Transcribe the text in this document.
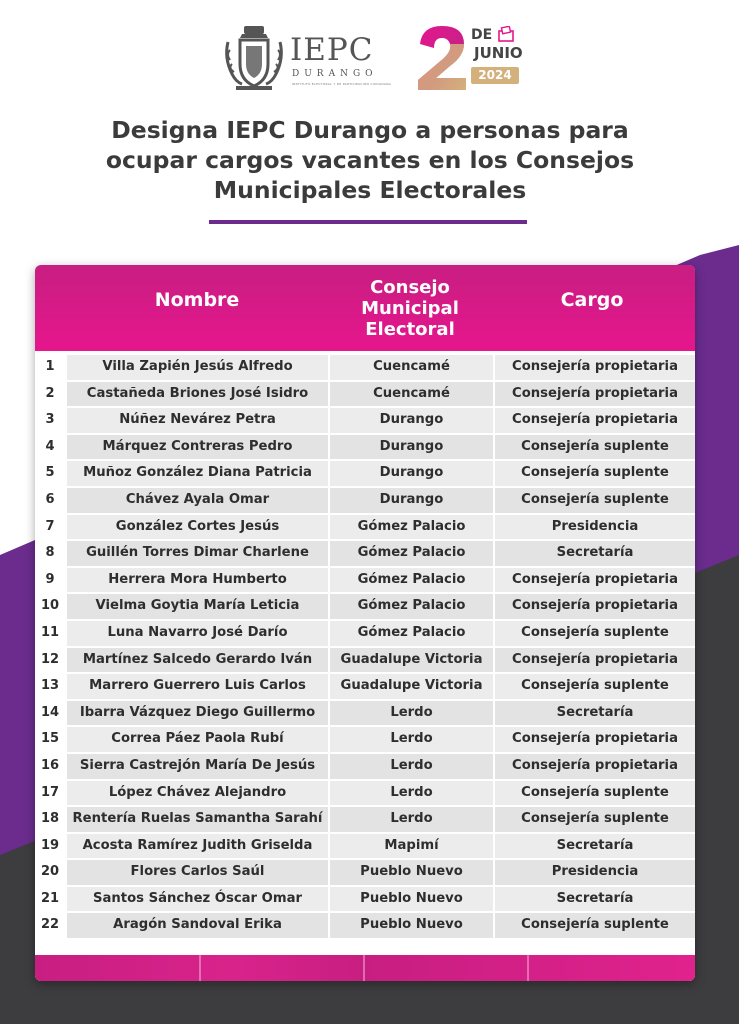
IEPC
DURANGO
INSTITUTO ELECTORAL Y DE PARTICIPACIÓN CIUDADANA
DE
JUNIO
2024
Designa IEPC Durango a personas para
ocupar cargos vacantes en los Consejos
Municipales Electorales
Nombre
Consejo
Municipal
Electoral
Cargo
1	Villa Zapién Jesús Alfredo	Cuencamé	Consejería propietaria
2	Castañeda Briones José Isidro	Cuencamé	Consejería propietaria
3	Núñez Nevárez Petra	Durango	Consejería propietaria
4	Márquez Contreras Pedro	Durango	Consejería suplente
5	Muñoz González Diana Patricia	Durango	Consejería suplente
6	Chávez Ayala Omar	Durango	Consejería suplente
7	González Cortes Jesús	Gómez Palacio	Presidencia
8	Guillén Torres Dimar Charlene	Gómez Palacio	Secretaría
9	Herrera Mora Humberto	Gómez Palacio	Consejería propietaria
10	Vielma Goytia María Leticia	Gómez Palacio	Consejería propietaria
11	Luna Navarro José Darío	Gómez Palacio	Consejería suplente
12	Martínez Salcedo Gerardo Iván	Guadalupe Victoria	Consejería propietaria
13	Marrero Guerrero Luis Carlos	Guadalupe Victoria	Consejería suplente
14	Ibarra Vázquez Diego Guillermo	Lerdo	Secretaría
15	Correa Páez Paola Rubí	Lerdo	Consejería propietaria
16	Sierra Castrejón María De Jesús	Lerdo	Consejería propietaria
17	López Chávez Alejandro	Lerdo	Consejería suplente
18	Rentería Ruelas Samantha Sarahí	Lerdo	Consejería suplente
19	Acosta Ramírez Judith Griselda	Mapimí	Secretaría
20	Flores Carlos Saúl	Pueblo Nuevo	Presidencia
21	Santos Sánchez Óscar Omar	Pueblo Nuevo	Secretaría
22	Aragón Sandoval Erika	Pueblo Nuevo	Consejería suplente
